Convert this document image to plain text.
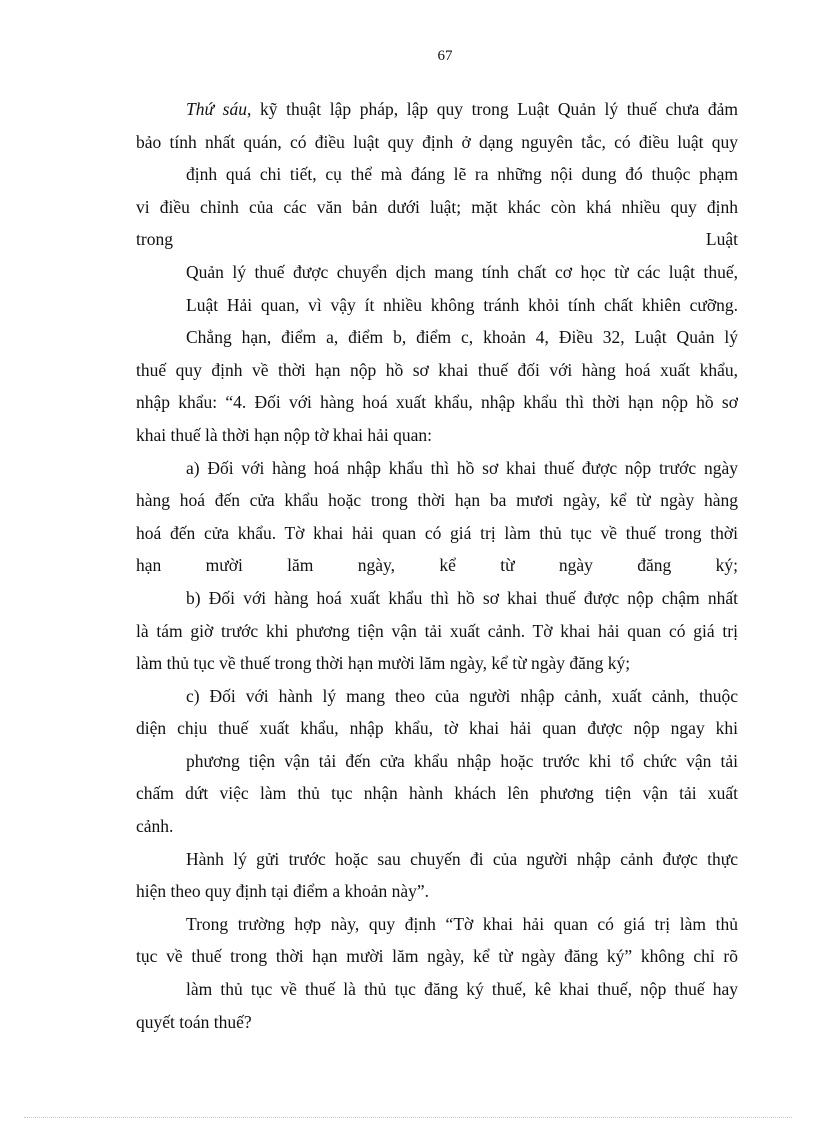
67
Thứ sáu, kỹ thuật lập pháp, lập quy trong Luật Quản lý thuế chưa đảm
bảo tính nhất quán, có điều luật quy định ở dạng nguyên tắc, có điều luật quy
định quá chi tiết, cụ thể mà đáng lẽ ra những nội dung đó thuộc phạm
vi điều chỉnh của các văn bản dưới luật; mặt khác còn khá nhiều quy định
trong	Luật
Quản lý thuế được chuyển dịch mang tính chất cơ học từ các luật thuế,
Luật Hải quan, vì vậy ít nhiều không tránh khỏi tính chất khiên cưỡng.
Chẳng hạn, điểm a, điểm b, điểm c, khoản 4, Điều 32, Luật Quản lý
thuế quy định về thời hạn nộp hồ sơ khai thuế đối với hàng hoá xuất khẩu,
nhập khẩu: “4. Đối với hàng hoá xuất khẩu, nhập khẩu thì thời hạn nộp hồ sơ
khai thuế là thời hạn nộp tờ khai hải quan:
a) Đối với hàng hoá nhập khẩu thì hồ sơ khai thuế được nộp trước ngày
hàng hoá đến cửa khẩu hoặc trong thời hạn ba mươi ngày, kể từ ngày hàng
hoá đến cửa khẩu. Tờ khai hải quan có giá trị làm thủ tục về thuế trong thời
hạn mười lăm ngày, kể từ ngày đăng ký;
b) Đối với hàng hoá xuất khẩu thì hồ sơ khai thuế được nộp chậm nhất
là tám giờ trước khi phương tiện vận tải xuất cảnh. Tờ khai hải quan có giá trị
làm thủ tục về thuế trong thời hạn mười lăm ngày, kể từ ngày đăng ký;
c) Đối với hành lý mang theo của người nhập cảnh, xuất cảnh, thuộc
diện chịu thuế xuất khẩu, nhập khẩu, tờ khai hải quan được nộp ngay khi
phương tiện vận tải đến cửa khẩu nhập hoặc trước khi tổ chức vận tải
chấm dứt việc làm thủ tục nhận hành khách lên phương tiện vận tải xuất
cảnh.
Hành lý gửi trước hoặc sau chuyến đi của người nhập cảnh được thực
hiện theo quy định tại điểm a khoản này”.
Trong trường hợp này, quy định “Tờ khai hải quan có giá trị làm thủ
tục về thuế trong thời hạn mười lăm ngày, kể từ ngày đăng ký” không chỉ rõ
làm thủ tục về thuế là thủ tục đăng ký thuế, kê khai thuế, nộp thuế hay
quyết toán thuế?
